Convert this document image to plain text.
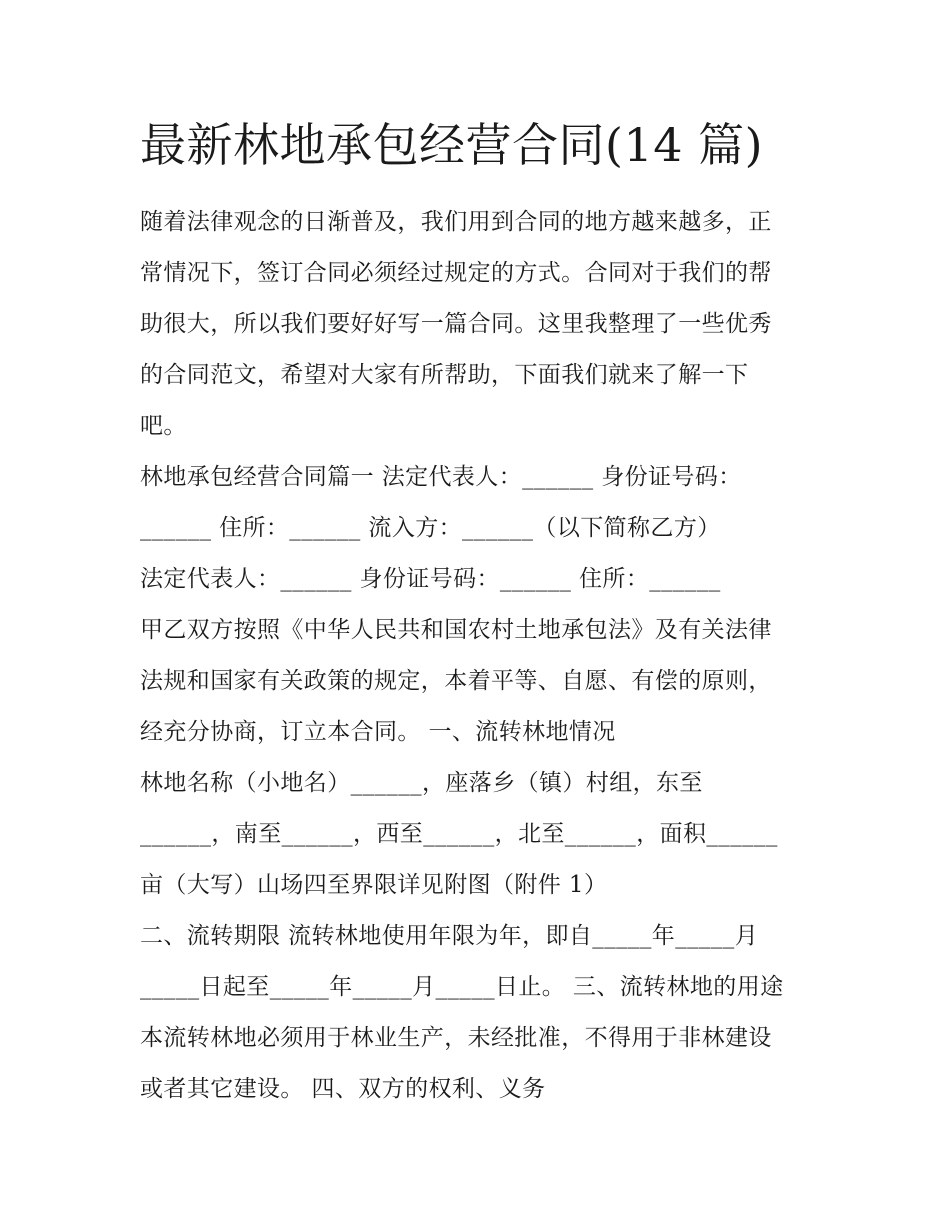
最新林地承包经营合同(14 篇)

随着法律观念的日渐普及，我们用到合同的地方越来越多，正

常情况下，签订合同必须经过规定的方式。合同对于我们的帮

助很大，所以我们要好好写一篇合同。这里我整理了一些优秀

的合同范文，希望对大家有所帮助，下面我们就来了解一下

吧。

林地承包经营合同篇一 法定代表人：______ 身份证号码：

______ 住所：______ 流入方：______（以下简称乙方）

法定代表人：______ 身份证号码：______ 住所：______

甲乙双方按照《中华人民共和国农村土地承包法》及有关法律

法规和国家有关政策的规定，本着平等、自愿、有偿的原则，

经充分协商，订立本合同。 一、流转林地情况

林地名称（小地名）______，座落乡（镇）村组，东至

______，南至______，西至______，北至______，面积______

亩（大写）山场四至界限详见附图（附件 1）

二、流转期限 流转林地使用年限为年，即自_____年_____月

_____日起至_____年_____月_____日止。 三、流转林地的用途

本流转林地必须用于林业生产，未经批准，不得用于非林建设

或者其它建设。 四、双方的权利、义务
